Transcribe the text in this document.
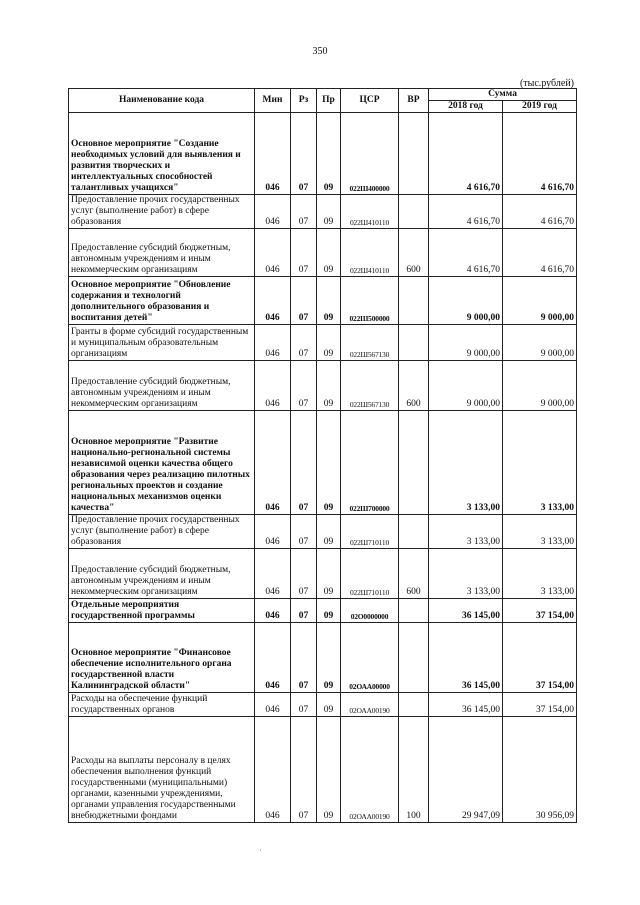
350
(тыс.рублей)
Наименование кода	Мин	Рз	Пр	ЦСР	ВР	Сумма	
						2018 год	2019 год
Основное мероприятие "Создание необходимых условий для выявления и развития творческих и интеллектуальных способностей талантливых учащихся"	046	07	09	022Ш400000		4 616,70	4 616,70
Предоставление прочих государственных услуг (выполнение работ) в сфере образования	046	07	09	022Ш410110		4 616,70	4 616,70
Предоставление субсидий бюджетным, автономным учреждениям и иным некоммерческим организациям	046	07	09	022Ш410110	600	4 616,70	4 616,70
Основное мероприятие "Обновление содержания и технологий дополнительного образования и воспитания детей"	046	07	09	022Ш500000		9 000,00	9 000,00
Гранты в форме субсидий государственным и муниципальным образовательным организациям	046	07	09	022Ш567130		9 000,00	9 000,00
Предоставление субсидий бюджетным, автономным учреждениям и иным некоммерческим организациям	046	07	09	022Ш567130	600	9 000,00	9 000,00
Основное мероприятие "Развитие национально-региональной системы независимой оценки качества общего образования через реализацию пилотных региональных проектов и создание национальных механизмов оценки качества"	046	07	09	022Ш700000		3 133,00	3 133,00
Предоставление прочих государственных услуг (выполнение работ) в сфере образования	046	07	09	022Ш710110		3 133,00	3 133,00
Предоставление субсидий бюджетным, автономным учреждениям и иным некоммерческим организациям	046	07	09	022Ш710110	600	3 133,00	3 133,00
Отдельные мероприятия государственной программы	046	07	09	02О0000000		36 145,00	37 154,00
Основное мероприятие "Финансовое обеспечение исполнительного органа государственной власти Калининградской области"	046	07	09	02ОАА00000		36 145,00	37 154,00
Расходы на обеспечение функций государственных органов	046	07	09	02ОАА00190		36 145,00	37 154,00
Расходы на выплаты персоналу в целях обеспечения выполнения функций государственными (муниципальными) органами, казенными учреждениями, органами управления государственными внебюджетными фондами	046	07	09	02ОАА00190	100	29 947,09	30 956,09
·
